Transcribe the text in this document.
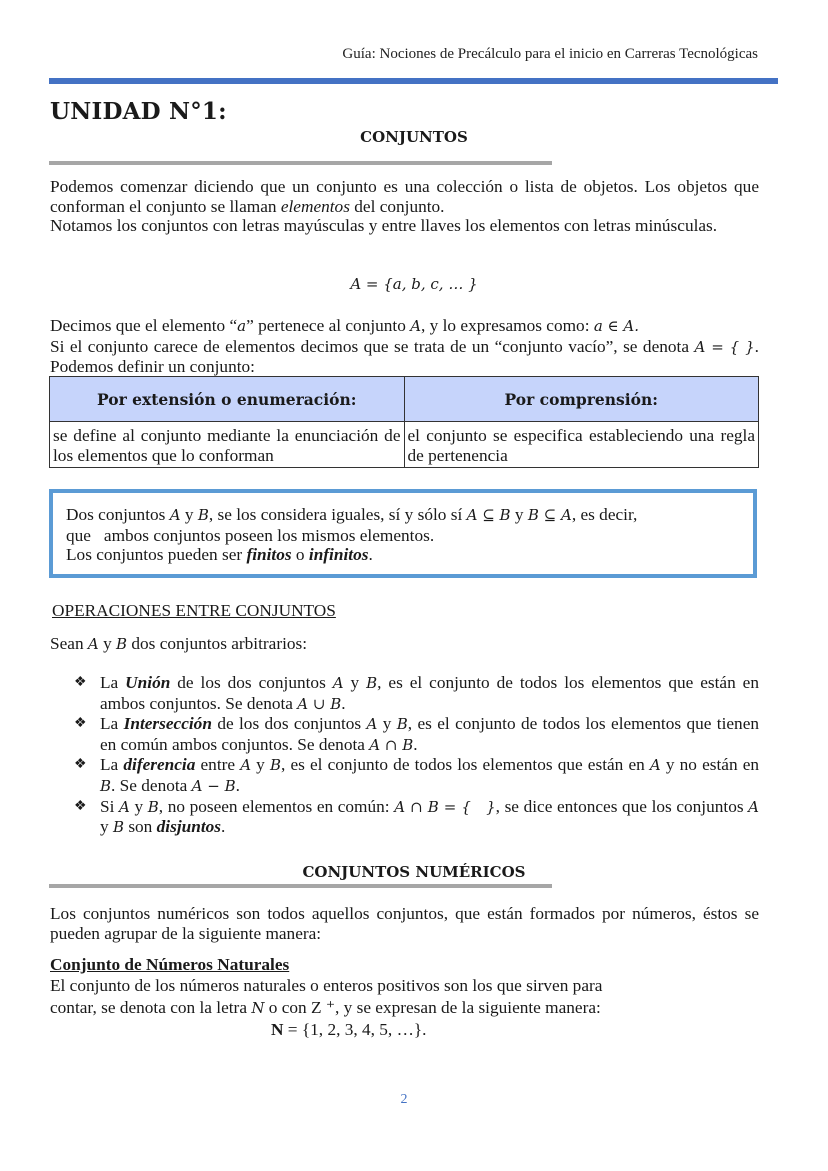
Guía: Nociones de Precálculo para el inicio en Carreras Tecnológicas
UNIDAD N°1:
CONJUNTOS

Podemos comenzar diciendo que un conjunto es una colección o lista de objetos. Los objetos que conforman el conjunto se llaman elementos del conjunto.

Notamos los conjuntos con letras mayúsculas y entre llaves los elementos con letras minúsculas.

A = {a, b, c, … }

Decimos que el elemento “a” pertenece al conjunto A, y lo expresamos como: a ∈ A.

Si el conjunto carece de elementos decimos que se trata de un “conjunto vacío”, se denota A = { }. Podemos definir un conjunto:

Por extensión o enumeración:	Por comprensión:
se define al conjunto mediante la enunciación de los elementos que lo conforman	el conjunto se especifica estableciendo una regla de pertenencia
Dos conjuntos A y B, se los considera iguales, sí y sólo sí A ⊆ B y B ⊆ A, es decir,
que   ambos conjuntos poseen los mismos elementos.
Los conjuntos pueden ser finitos o infinitos.
OPERACIONES ENTRE CONJUNTOS
Sean A y B dos conjuntos arbitrarios:
❖ La Unión de los dos conjuntos A y B, es el conjunto de todos los elementos que están en ambos conjuntos. Se denota A ∪ B.
❖ La Intersección de los dos conjuntos A y B, es el conjunto de todos los elementos que tienen en común ambos conjuntos. Se denota A ∩ B.
❖ La diferencia entre A y B, es el conjunto de todos los elementos que están en A y no están en B. Se denota A − B.
❖ Si A y B, no poseen elementos en común: A ∩ B = {   }, se dice entonces que los conjuntos A y B son disjuntos.
CONJUNTOS NUMÉRICOS
Los conjuntos numéricos son todos aquellos conjuntos, que están formados por números, éstos se pueden agrupar de la siguiente manera:
Conjunto de Números Naturales
El conjunto de los números naturales o enteros positivos son los que sirven para
contar, se denota con la letra N o con Z ⁺, y se expresan de la siguiente manera:
N = {1, 2, 3, 4, 5, …}.
2
